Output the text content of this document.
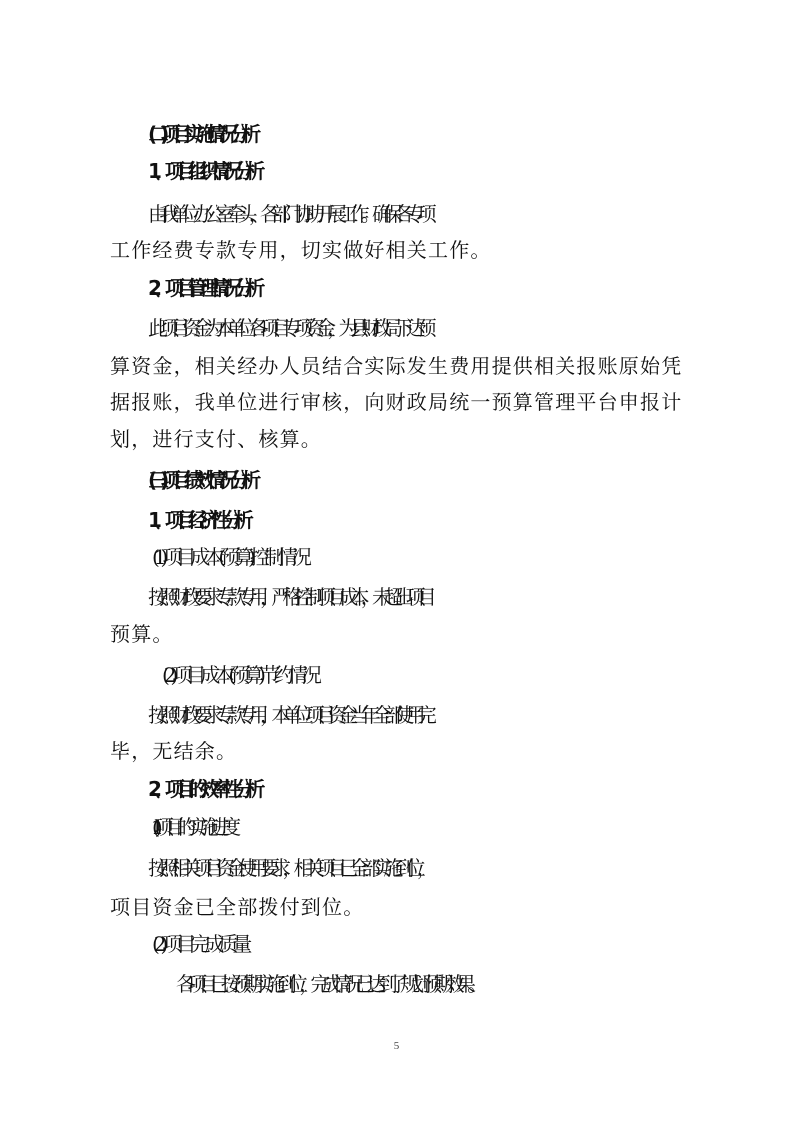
(二)项目实施情况分析
1、项目组织情况分析
由我单位办公室牵头，各部门协助开展工作。确保各专项
工作经费专款专用，切实做好相关工作。
2、项目管理情况分析
此项目资金为本单位各项目专项资金，为县财政局下达预
算资金，相关经办人员结合实际发生费用提供相关报账原始凭
据报账，我单位进行审核，向财政局统一预算管理平台申报计
划，进行支付、核算。
(三)项目绩效情况分析
1、项目经济性分析
(1)项目成本(预算)控制情况
按照财政要求专款专用，严格控制项目成本，未超出项目
预算。
(2)项目成本(预算)节约情况
按照财政要求专款专用，本单位项目资金当年全部使用完
毕，无结余。
2、项目的效率性分析
(1)项目的实施进度
按照相关项目资金使用要求，相关项目已全部实施到位，
项目资金已全部拨付到位。
(2)项目完成质量
各项目已按预期实施到位，完成情况已达到了规划预期效果。
5
